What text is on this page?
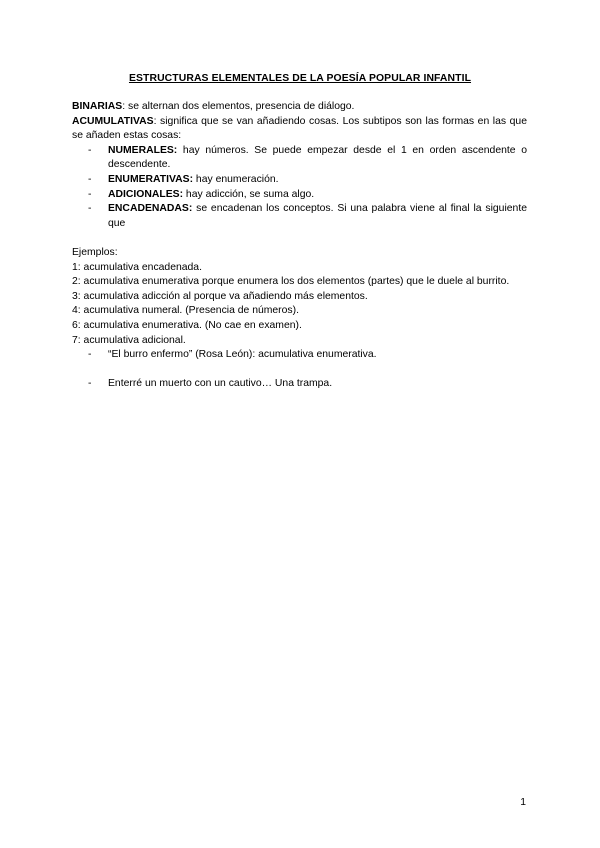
ESTRUCTURAS ELEMENTALES DE LA POESÍA POPULAR INFANTIL

BINARIAS: se alternan dos elementos, presencia de diálogo.

ACUMULATIVAS: significa que se van añadiendo cosas. Los subtipos son las formas en las que se añaden estas cosas:

- NUMERALES: hay números. Se puede empezar desde el 1 en orden ascendente o descendente.
- ENUMERATIVAS: hay enumeración.
- ADICIONALES: hay adicción, se suma algo.
- ENCADENADAS: se encadenan los conceptos. Si una palabra viene al final la siguiente que

Ejemplos:

1: acumulativa encadenada.

2: acumulativa enumerativa porque enumera los dos elementos (partes) que le duele al burrito.

3: acumulativa adicción al porque va añadiendo más elementos.

4: acumulativa numeral. (Presencia de números).

6: acumulativa enumerativa. (No cae en examen).

7: acumulativa adicional.

- “El burro enfermo” (Rosa León): acumulativa enumerativa.
- Enterré un muerto con un cautivo… Una trampa.
1
